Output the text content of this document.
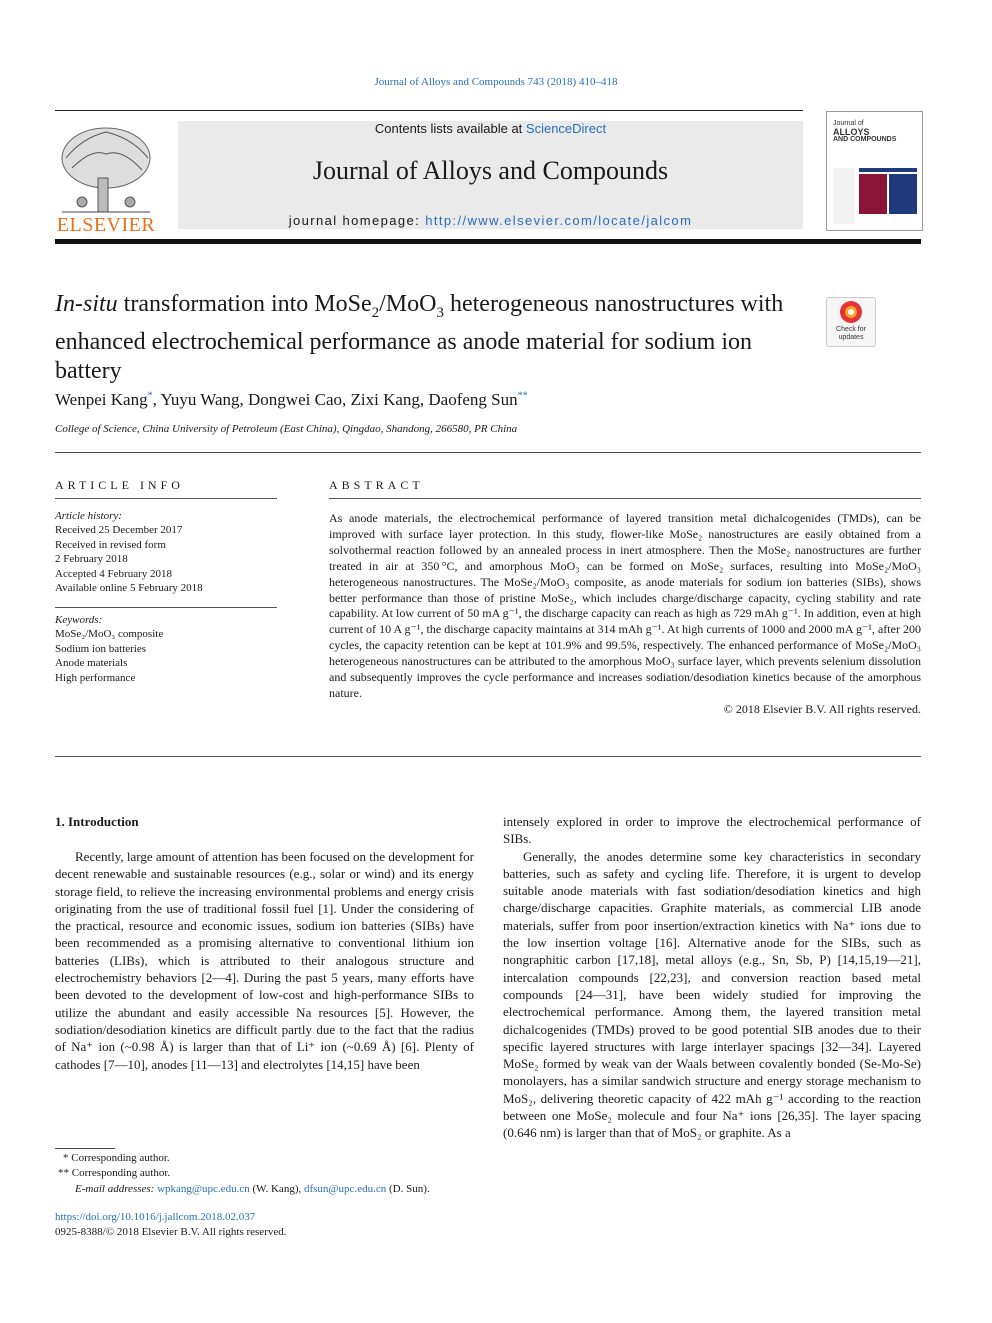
Journal of Alloys and Compounds 743 (2018) 410–418
ELSEVIER
Contents lists available at ScienceDirect
Journal of Alloys and Compounds
journal homepage: http://www.elsevier.com/locate/jalcom
Journal of
ALLOYS
AND COMPOUNDS
In-situ transformation into MoSe$_2$/MoO$_3$ heterogeneous nanostructures with enhanced electrochemical performance as anode material for sodium ion battery
Check for
updates
Wenpei Kang*, Yuyu Wang, Dongwei Cao, Zixi Kang, Daofeng Sun**
College of Science, China University of Petroleum (East China), Qingdao, Shandong, 266580, PR China
ARTICLE INFO	ABSTRACT
Article history:
Received 25 December 2017
Received in revised form
2 February 2018
Accepted 4 February 2018
Available online 5 February 2018
Keywords:
MoSe₂/MoO₃ composite
Sodium ion batteries
Anode materials
High performance

As anode materials, the electrochemical performance of layered transition metal dichalcogenides (TMDs), can be improved with surface layer protection. In this study, flower-like MoSe₂ nanostructures are easily obtained from a solvothermal reaction followed by an annealed process in inert atmosphere. Then the MoSe₂ nanostructures are further treated in air at 350 °C, and amorphous MoO₃ can be formed on MoSe₂ surfaces, resulting into MoSe₂/MoO₃ heterogeneous nanostructures. The MoSe₂/MoO₃ composite, as anode materials for sodium ion batteries (SIBs), shows better performance than those of pristine MoSe₂, which includes charge/discharge capacity, cycling stability and rate capability. At low current of 50 mA g⁻¹, the discharge capacity can reach as high as 729 mAh g⁻¹. In addition, even at high current of 10 A g⁻¹, the discharge capacity maintains at 314 mAh g⁻¹. At high currents of 1000 and 2000 mA g⁻¹, after 200 cycles, the capacity retention can be kept at 101.9% and 99.5%, respectively. The enhanced performance of MoSe₂/MoO₃ heterogeneous nanostructures can be attributed to the amorphous MoO₃ surface layer, which prevents selenium dissolution and subsequently improves the cycle performance and increases sodiation/desodiation kinetics because of the amorphous nature.

© 2018 Elsevier B.V. All rights reserved.

1. Introduction

Recently, large amount of attention has been focused on the development for decent renewable and sustainable resources (e.g., solar or wind) and its energy storage field, to relieve the increasing environmental problems and energy crisis originating from the use of traditional fossil fuel [1]. Under the considering of the practical, resource and economic issues, sodium ion batteries (SIBs) have been recommended as a promising alternative to conventional lithium ion batteries (LIBs), which is attributed to their analogous structure and electrochemistry behaviors [2—4]. During the past 5 years, many efforts have been devoted to the development of low-cost and high-performance SIBs to utilize the abundant and easily accessible Na resources [5]. However, the sodiation/desodiation kinetics are difficult partly due to the fact that the radius of Na⁺ ion (~0.98 Å) is larger than that of Li⁺ ion (~0.69 Å) [6]. Plenty of cathodes [7—10], anodes [11—13] and electrolytes [14,15] have been

intensely explored in order to improve the electrochemical performance of SIBs.

Generally, the anodes determine some key characteristics in secondary batteries, such as safety and cycling life. Therefore, it is urgent to develop suitable anode materials with fast sodiation/desodiation kinetics and high charge/discharge capacities. Graphite materials, as commercial LIB anode materials, suffer from poor insertion/extraction kinetics with Na⁺ ions due to the low insertion voltage [16]. Alternative anode for the SIBs, such as nongraphitic carbon [17,18], metal alloys (e.g., Sn, Sb, P) [14,15,19—21], intercalation compounds [22,23], and conversion reaction based metal compounds [24—31], have been widely studied for improving the electrochemical performance. Among them, the layered transition metal dichalcogenides (TMDs) proved to be good potential SIB anodes due to their specific layered structures with large interlayer spacings [32—34]. Layered MoSe₂ formed by weak van der Waals between covalently bonded (Se-Mo-Se) monolayers, has a similar sandwich structure and energy storage mechanism to MoS₂, delivering theoretic capacity of 422 mAh g⁻¹ according to the reaction between one MoSe₂ molecule and four Na⁺ ions [26,35]. The layer spacing (0.646 nm) is larger than that of MoS₂ or graphite. As a

* Corresponding author.
** Corresponding author.
E-mail addresses: wpkang@upc.edu.cn (W. Kang), dfsun@upc.edu.cn (D. Sun).
https://doi.org/10.1016/j.jallcom.2018.02.037
0925-8388/© 2018 Elsevier B.V. All rights reserved.
